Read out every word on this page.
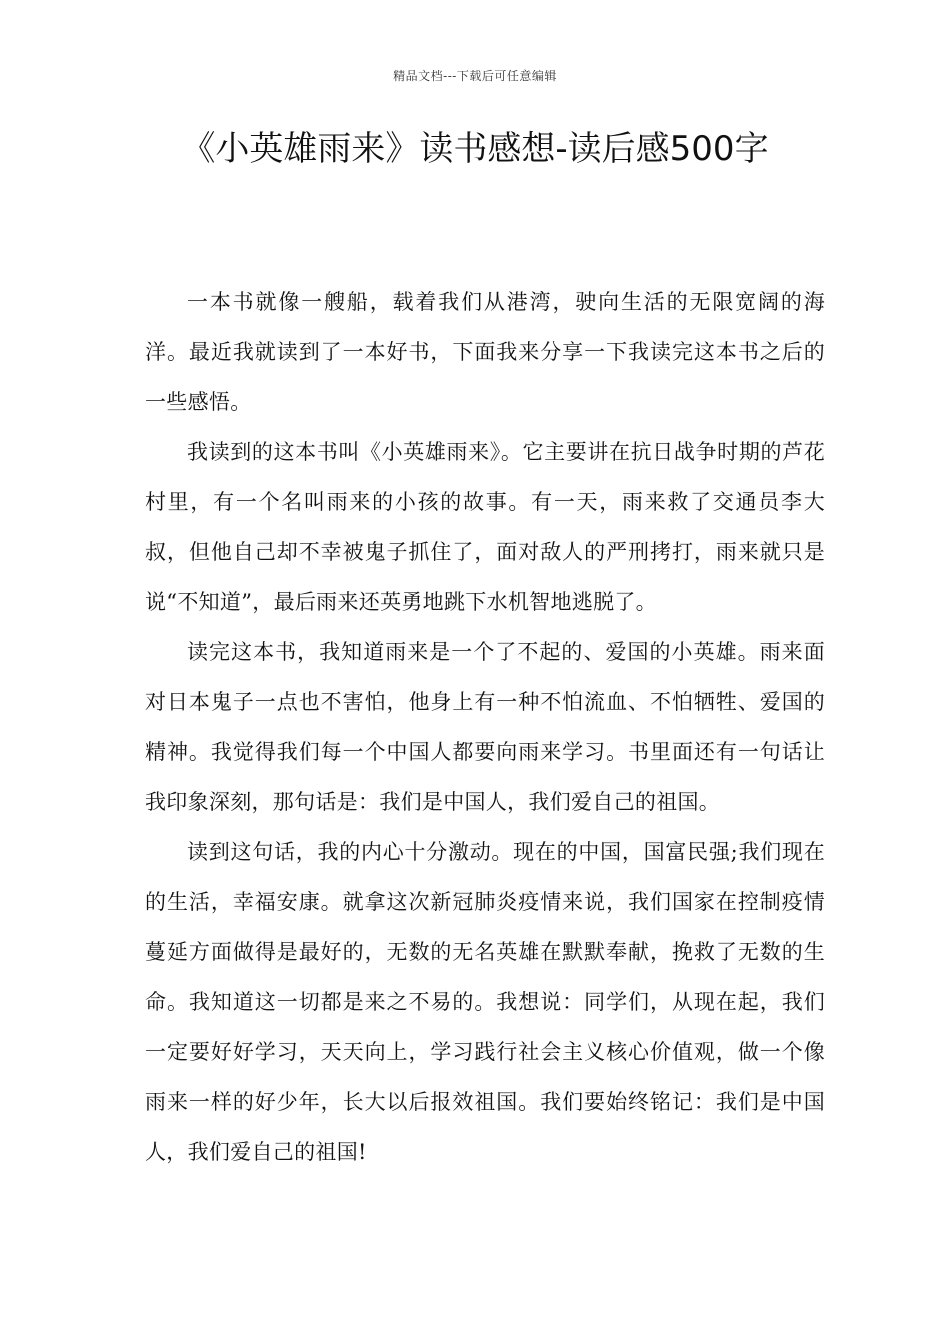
精品文档---下载后可任意编辑
《小英雄雨来》读书感想-读后感500字

一本书就像一艘船，载着我们从港湾，驶向生活的无限宽阔的海洋。最近我就读到了一本好书，下面我来分享一下我读完这本书之后的一些感悟。

我读到的这本书叫《小英雄雨来》。它主要讲在抗日战争时期的芦花村里，有一个名叫雨来的小孩的故事。有一天，雨来救了交通员李大叔，但他自己却不幸被鬼子抓住了，面对敌人的严刑拷打，雨来就只是说“不知道”，最后雨来还英勇地跳下水机智地逃脱了。

读完这本书，我知道雨来是一个了不起的、爱国的小英雄。雨来面对日本鬼子一点也不害怕，他身上有一种不怕流血、不怕牺牲、爱国的精神。我觉得我们每一个中国人都要向雨来学习。书里面还有一句话让我印象深刻，那句话是：我们是中国人，我们爱自己的祖国。

读到这句话，我的内心十分激动。现在的中国，国富民强;我们现在的生活，幸福安康。就拿这次新冠肺炎疫情来说，我们国家在控制疫情蔓延方面做得是最好的，无数的无名英雄在默默奉献，挽救了无数的生命。我知道这一切都是来之不易的。我想说：同学们，从现在起，我们一定要好好学习，天天向上，学习践行社会主义核心价值观，做一个像雨来一样的好少年，长大以后报效祖国。我们要始终铭记：我们是中国人，我们爱自己的祖国!
